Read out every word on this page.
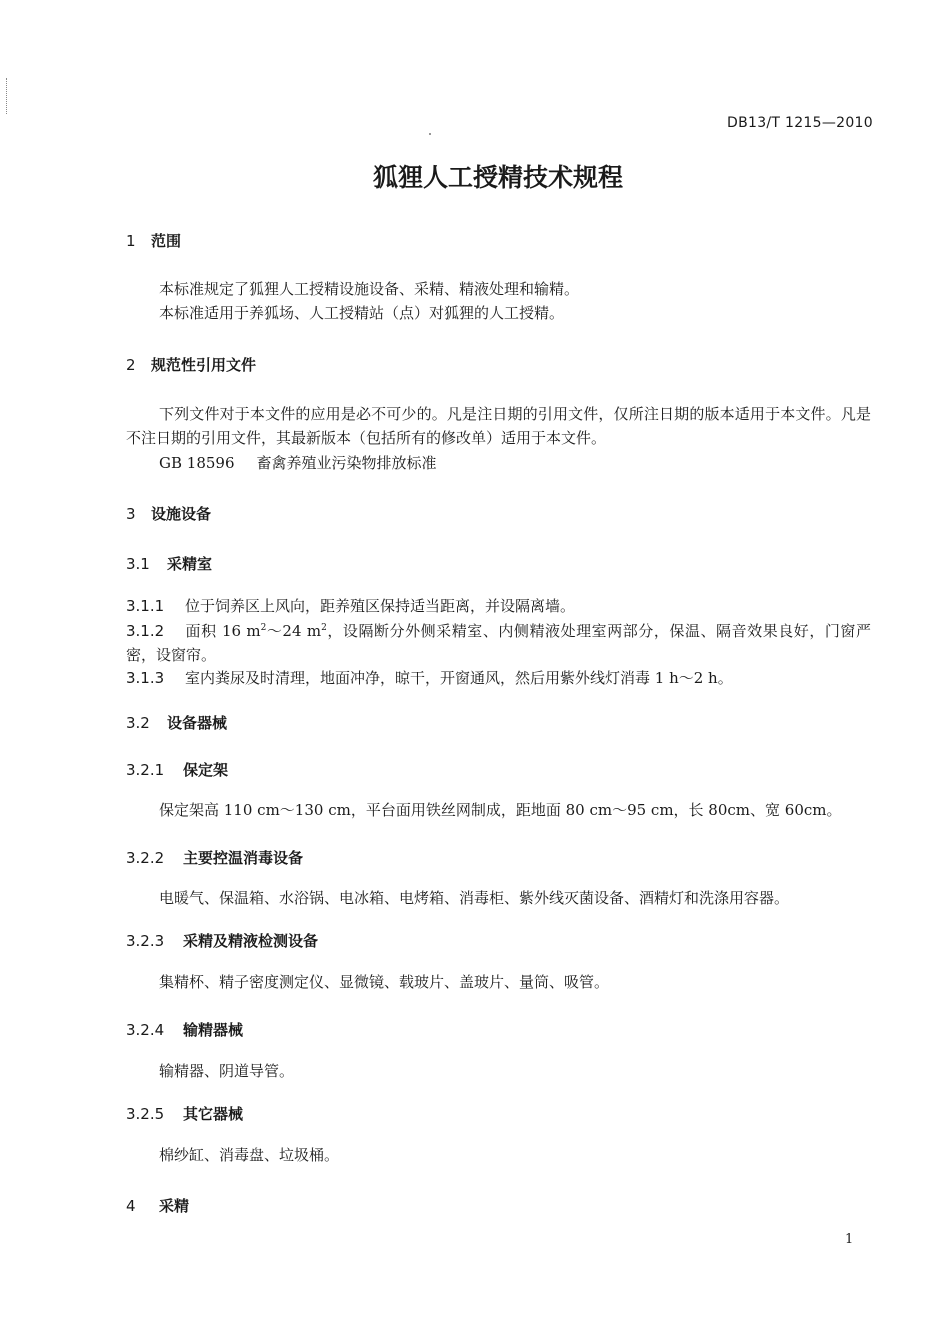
DB13/T 1215—2010
狐狸人工授精技术规程
1 范围
本标准规定了狐狸人工授精设施设备、采精、精液处理和输精。
本标准适用于养狐场、人工授精站（点）对狐狸的人工授精。
2 规范性引用文件
下列文件对于本文件的应用是必不可少的。凡是注日期的引用文件，仅所注日期的版本适用于本文件。凡是不注日期的引用文件，其最新版本（包括所有的修改单）适用于本文件。
GB 18596 畜禽养殖业污染物排放标准
3 设施设备
3.1 采精室
3.1.1 位于饲养区上风向，距养殖区保持适当距离，并设隔离墙。
3.1.2 面积 16 $m^2\sim 24$ $m^2$，设隔断分外侧采精室、内侧精液处理室两部分，保温、隔音效果良好，门窗严密，设窗帘。
3.1.3 室内粪尿及时清理，地面冲净，晾干，开窗通风，然后用紫外线灯消毒 1 h～2 h。
3.2 设备器械
3.2.1 保定架
保定架高 110 cm～130 cm，平台面用铁丝网制成，距地面 80 cm～95 cm，长 80cm、宽 60cm。
3.2.2 主要控温消毒设备
电暖气、保温箱、水浴锅、电冰箱、电烤箱、消毒柜、紫外线灭菌设备、酒精灯和洗涤用容器。
3.2.3 采精及精液检测设备
集精杯、精子密度测定仪、显微镜、载玻片、盖玻片、量筒、吸管。
3.2.4 输精器械
输精器、阴道导管。
3.2.5 其它器械
棉纱缸、消毒盘、垃圾桶。
4 采精
1
